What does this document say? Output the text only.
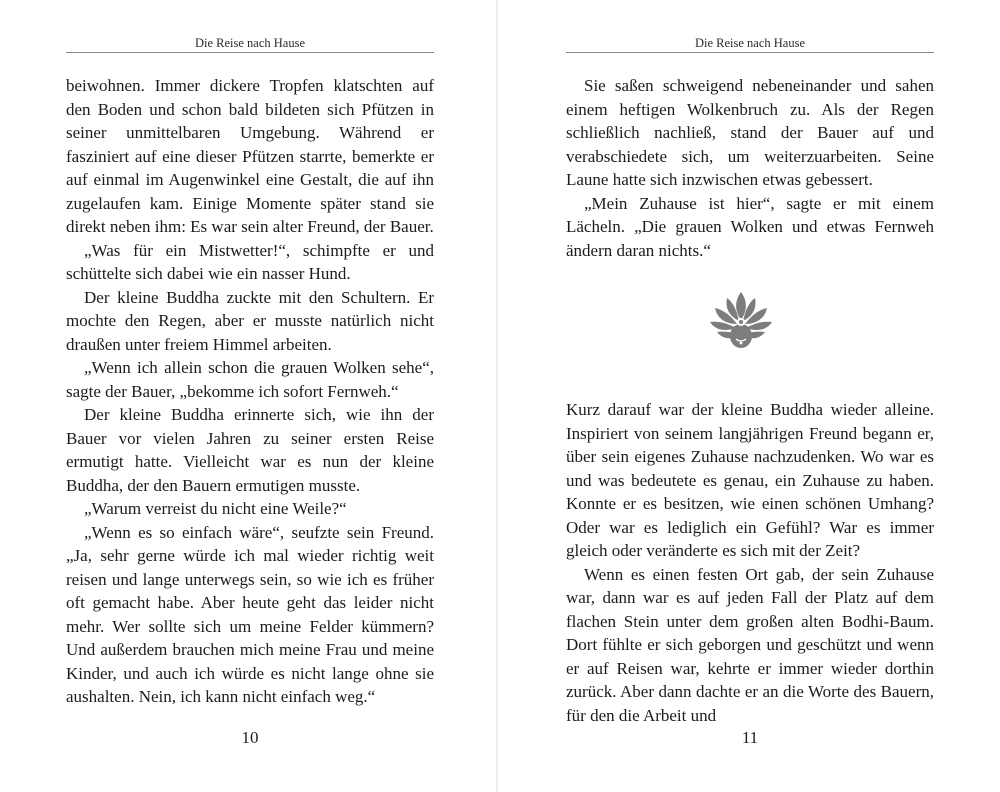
Die Reise nach Hause

beiwohnen. Immer dickere Tropfen klatschten auf den Boden und schon bald bildeten sich Pfützen in seiner unmittelbaren Umgebung. Während er fasziniert auf eine dieser Pfützen starrte, bemerkte er auf einmal im Augenwinkel eine Gestalt, die auf ihn zugelaufen kam. Einige Momente später stand sie direkt neben ihm: Es war sein alter Freund, der Bauer.

„Was für ein Mistwetter!“, schimpfte er und schüttelte sich dabei wie ein nasser Hund.

Der kleine Buddha zuckte mit den Schultern. Er mochte den Regen, aber er musste natürlich nicht draußen unter freiem Himmel arbeiten.

„Wenn ich allein schon die grauen Wolken sehe“, sagte der Bauer, „bekomme ich sofort Fernweh.“

Der kleine Buddha erinnerte sich, wie ihn der Bauer vor vielen Jahren zu seiner ersten Reise ermutigt hatte. Vielleicht war es nun der kleine Buddha, der den Bauern ermutigen musste.

„Warum verreist du nicht eine Weile?“

„Wenn es so einfach wäre“, seufzte sein Freund. „Ja, sehr gerne würde ich mal wieder richtig weit reisen und lange unterwegs sein, so wie ich es früher oft gemacht habe. Aber heute geht das leider nicht mehr. Wer sollte sich um meine Felder kümmern? Und außerdem brauchen mich meine Frau und meine Kinder, und auch ich würde es nicht lange ohne sie aushalten. Nein, ich kann nicht einfach weg.“

10
Die Reise nach Hause

Sie saßen schweigend nebeneinander und sahen einem heftigen Wolkenbruch zu. Als der Regen schließlich nachließ, stand der Bauer auf und verabschiedete sich, um weiterzuarbeiten. Seine Laune hatte sich inzwischen etwas gebessert.

„Mein Zuhause ist hier“, sagte er mit einem Lächeln. „Die grauen Wolken und etwas Fernweh ändern daran nichts.“

Kurz darauf war der kleine Buddha wieder alleine. Inspiriert von seinem langjährigen Freund begann er, über sein eigenes Zuhause nachzudenken. Wo war es und was bedeutete es genau, ein Zuhause zu haben. Konnte er es besitzen, wie einen schönen Umhang? Oder war es lediglich ein Gefühl? War es immer gleich oder veränderte es sich mit der Zeit?

Wenn es einen festen Ort gab, der sein Zuhause war, dann war es auf jeden Fall der Platz auf dem flachen Stein unter dem großen alten Bodhi-Baum. Dort fühlte er sich geborgen und geschützt und wenn er auf Reisen war, kehrte er immer wieder dorthin zurück. Aber dann dachte er an die Worte des Bauern, für den die Arbeit und

11
